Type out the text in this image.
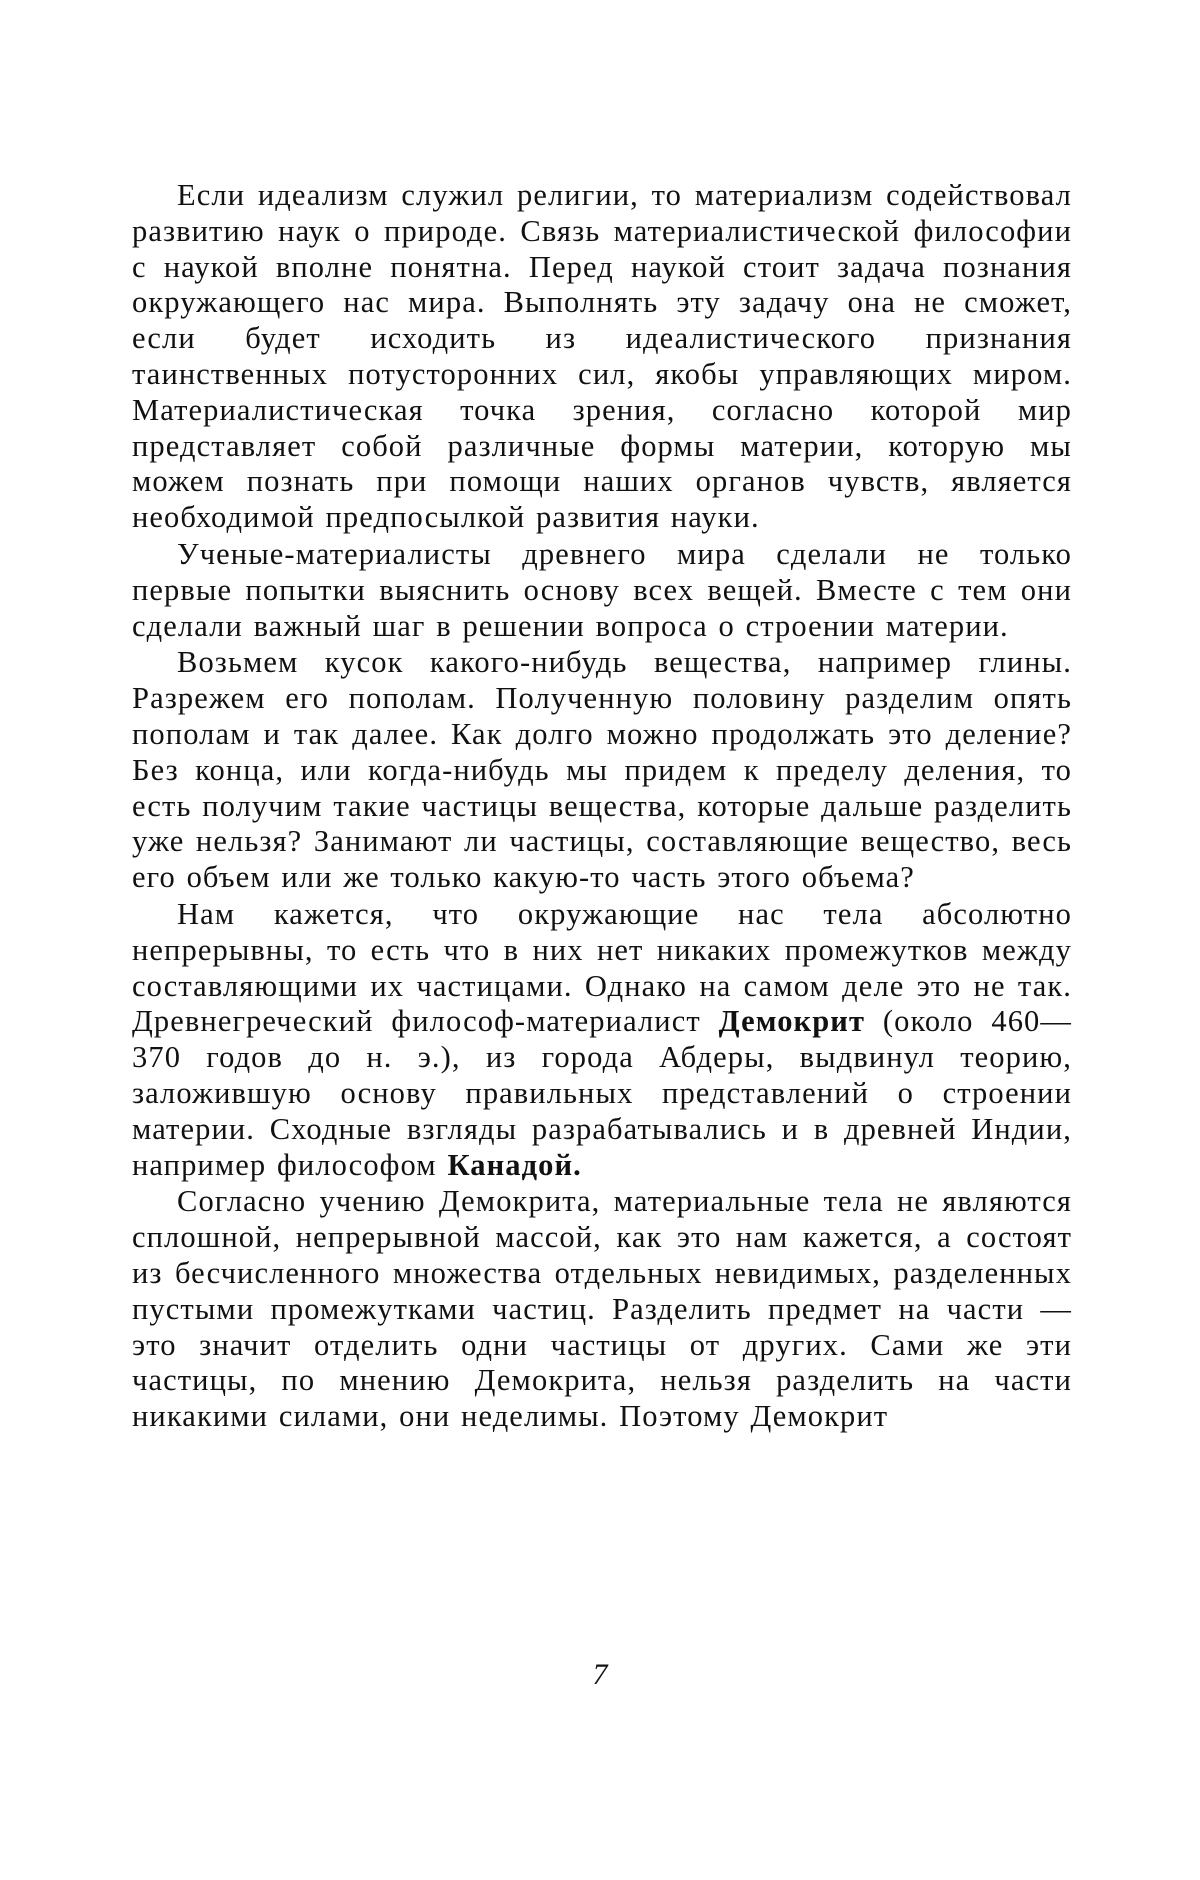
Если идеализм служил религии, то материализм содействовал развитию наук о природе. Связь материалистической философии с наукой вполне понятна. Перед наукой стоит задача познания окружающего нас мира. Выполнять эту задачу она не сможет, если будет исходить из идеалистического признания таинственных потусторонних сил, якобы управляющих миром. Материалистическая точка зрения, согласно которой мир представляет собой различные формы материи, которую мы можем познать при помощи наших органов чувств, является необходимой предпосылкой развития науки.

Ученые-материалисты древнего мира сделали не только первые попытки выяснить основу всех вещей. Вместе с тем они сделали важный шаг в решении вопроса о строении материи.

Возьмем кусок какого-нибудь вещества, например глины. Разрежем его пополам. Полученную половину разделим опять пополам и так далее. Как долго можно продолжать это деление? Без конца, или когда-нибудь мы придем к пределу деления, то есть получим такие частицы вещества, которые дальше разделить уже нельзя? Занимают ли частицы, составляющие вещество, весь его объем или же только какую-то часть этого объема?

Нам кажется, что окружающие нас тела абсолютно непрерывны, то есть что в них нет никаких промежутков между составляющими их частицами. Однако на самом деле это не так. Древнегреческий философ-материалист Демокрит (около 460—370 годов до н. э.), из города Абдеры, выдвинул теорию, заложившую основу правильных представлений о строении материи. Сходные взгляды разрабатывались и в древней Индии, например философом Канадой.

Согласно учению Демокрита, материальные тела не являются сплошной, непрерывной массой, как это нам кажется, а состоят из бесчисленного множества отдельных невидимых, разделенных пустыми промежутками частиц. Разделить предмет на части — это значит отделить одни частицы от других. Сами же эти частицы, по мнению Демокрита, нельзя разделить на части никакими силами, они неделимы. Поэтому Демокрит

7
